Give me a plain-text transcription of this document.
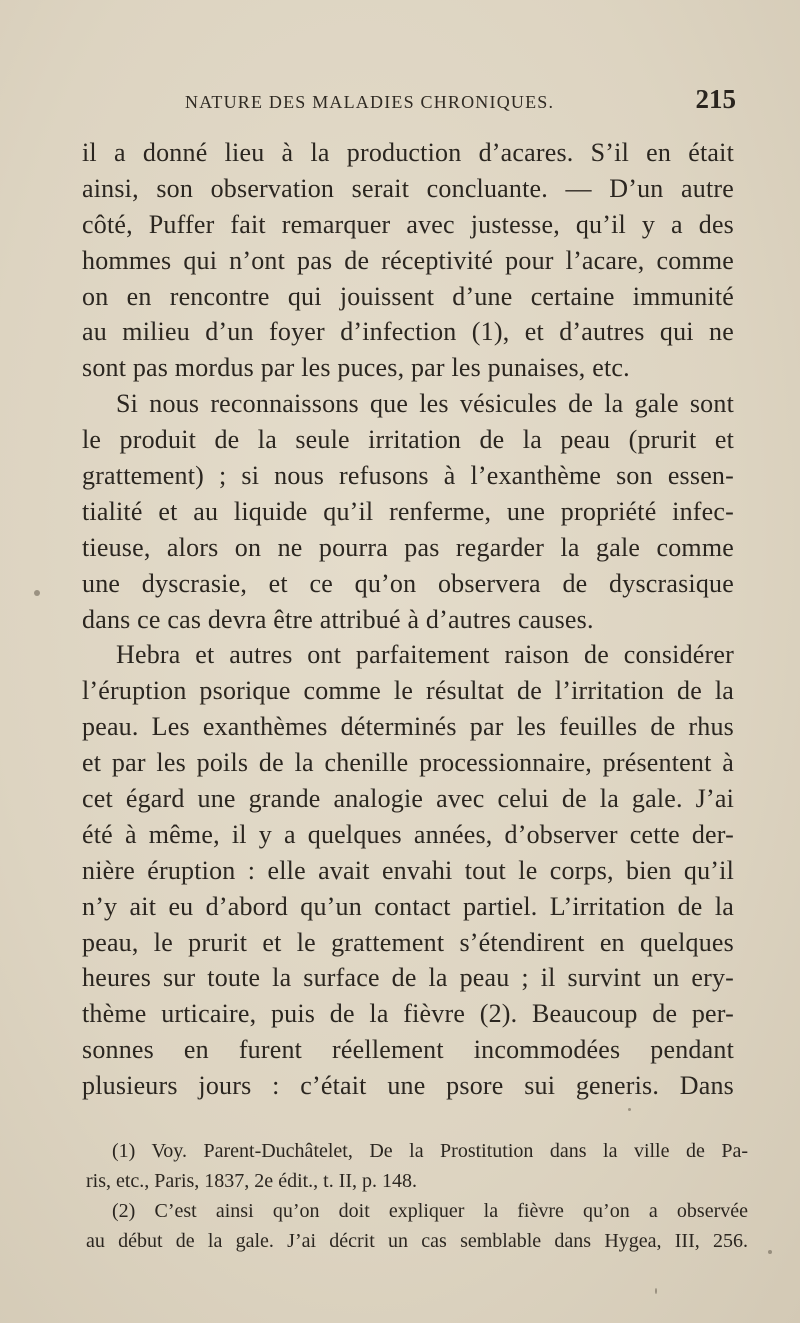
NATURE DES MALADIES CHRONIQUES.	215
il a donné lieu à la production d’acares. S’il en était
ainsi, son observation serait concluante. — D’un autre
côté, Puffer fait remarquer avec justesse, qu’il y a des
hommes qui n’ont pas de réceptivité pour l’acare, comme
on en rencontre qui jouissent d’une certaine immunité
au milieu d’un foyer d’infection (1), et d’autres qui ne
sont pas mordus par les puces, par les punaises, etc.
Si nous reconnaissons que les vésicules de la gale sont
le produit de la seule irritation de la peau (prurit et
grattement) ; si nous refusons à l’exanthème son essen-
tialité et au liquide qu’il renferme, une propriété infec-
tieuse, alors on ne pourra pas regarder la gale comme
une dyscrasie, et ce qu’on observera de dyscrasique
dans ce cas devra être attribué à d’autres causes.
Hebra et autres ont parfaitement raison de considérer
l’éruption psorique comme le résultat de l’irritation de la
peau. Les exanthèmes déterminés par les feuilles de rhus
et par les poils de la chenille processionnaire, présentent à
cet égard une grande analogie avec celui de la gale. J’ai
été à même, il y a quelques années, d’observer cette der-
nière éruption : elle avait envahi tout le corps, bien qu’il
n’y ait eu d’abord qu’un contact partiel. L’irritation de la
peau, le prurit et le grattement s’étendirent en quelques
heures sur toute la surface de la peau ; il survint un ery-
thème urticaire, puis de la fièvre (2). Beaucoup de per-
sonnes en furent réellement incommodées pendant
plusieurs jours : c’était une psore sui generis. Dans
(1) Voy. Parent-Duchâtelet, De la Prostitution dans la ville de Pa-
ris, etc., Paris, 1837, 2e édit., t. II, p. 148.
(2) C’est ainsi qu’on doit expliquer la fièvre qu’on a observée
au début de la gale. J’ai décrit un cas semblable dans Hygea, III, 256.
